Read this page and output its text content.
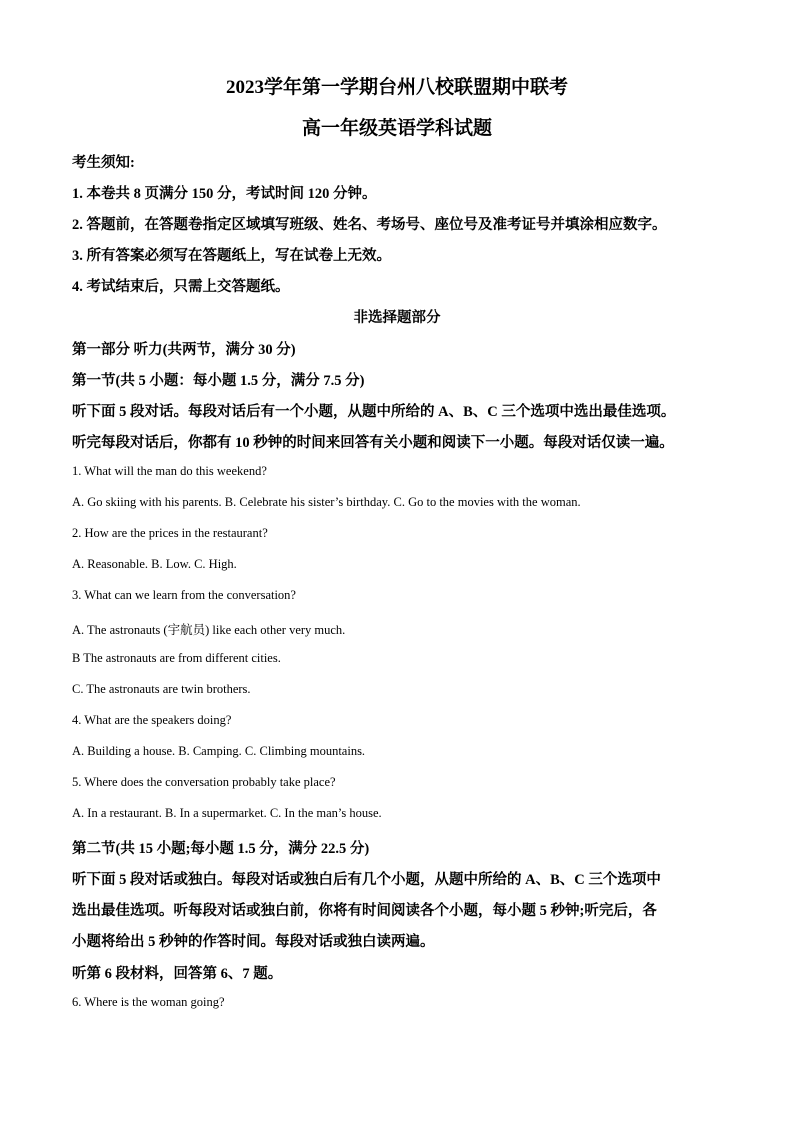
2023学年第一学期台州八校联盟期中联考
高一年级英语学科试题
考生须知:
1. 本卷共 8 页满分 150 分，考试时间 120 分钟。
2. 答题前，在答题卷指定区域填写班级、姓名、考场号、座位号及准考证号并填涂相应数字。
3. 所有答案必须写在答题纸上，写在试卷上无效。
4. 考试结束后，只需上交答题纸。
非选择题部分
第一部分 听力(共两节，满分 30 分)
第一节(共 5 小题：每小题 1.5 分，满分 7.5 分)
听下面 5 段对话。每段对话后有一个小题，从题中所给的 A、B、C 三个选项中选出最佳选项。
听完每段对话后，你都有 10 秒钟的时间来回答有关小题和阅读下一小题。每段对话仅读一遍。
1. What will the man do this weekend?
A. Go skiing with his parents. B. Celebrate his sister’s birthday. C. Go to the movies with the woman.
2. How are the prices in the restaurant?
A. Reasonable. B. Low. C. High.
3. What can we learn from the conversation?
A. The astronauts (宇航员) like each other very much.
B The astronauts are from different cities.
C. The astronauts are twin brothers.
4. What are the speakers doing?
A. Building a house. B. Camping. C. Climbing mountains.
5. Where does the conversation probably take place?
A. In a restaurant. B. In a supermarket. C. In the man’s house.
第二节(共 15 小题;每小题 1.5 分，满分 22.5 分)
听下面 5 段对话或独白。每段对话或独白后有几个小题，从题中所给的 A、B、C 三个选项中
选出最佳选项。听每段对话或独白前，你将有时间阅读各个小题，每小题 5 秒钟;听完后，各
小题将给出 5 秒钟的作答时间。每段对话或独白读两遍。
听第 6 段材料，回答第 6、7 题。
6. Where is the woman going?
